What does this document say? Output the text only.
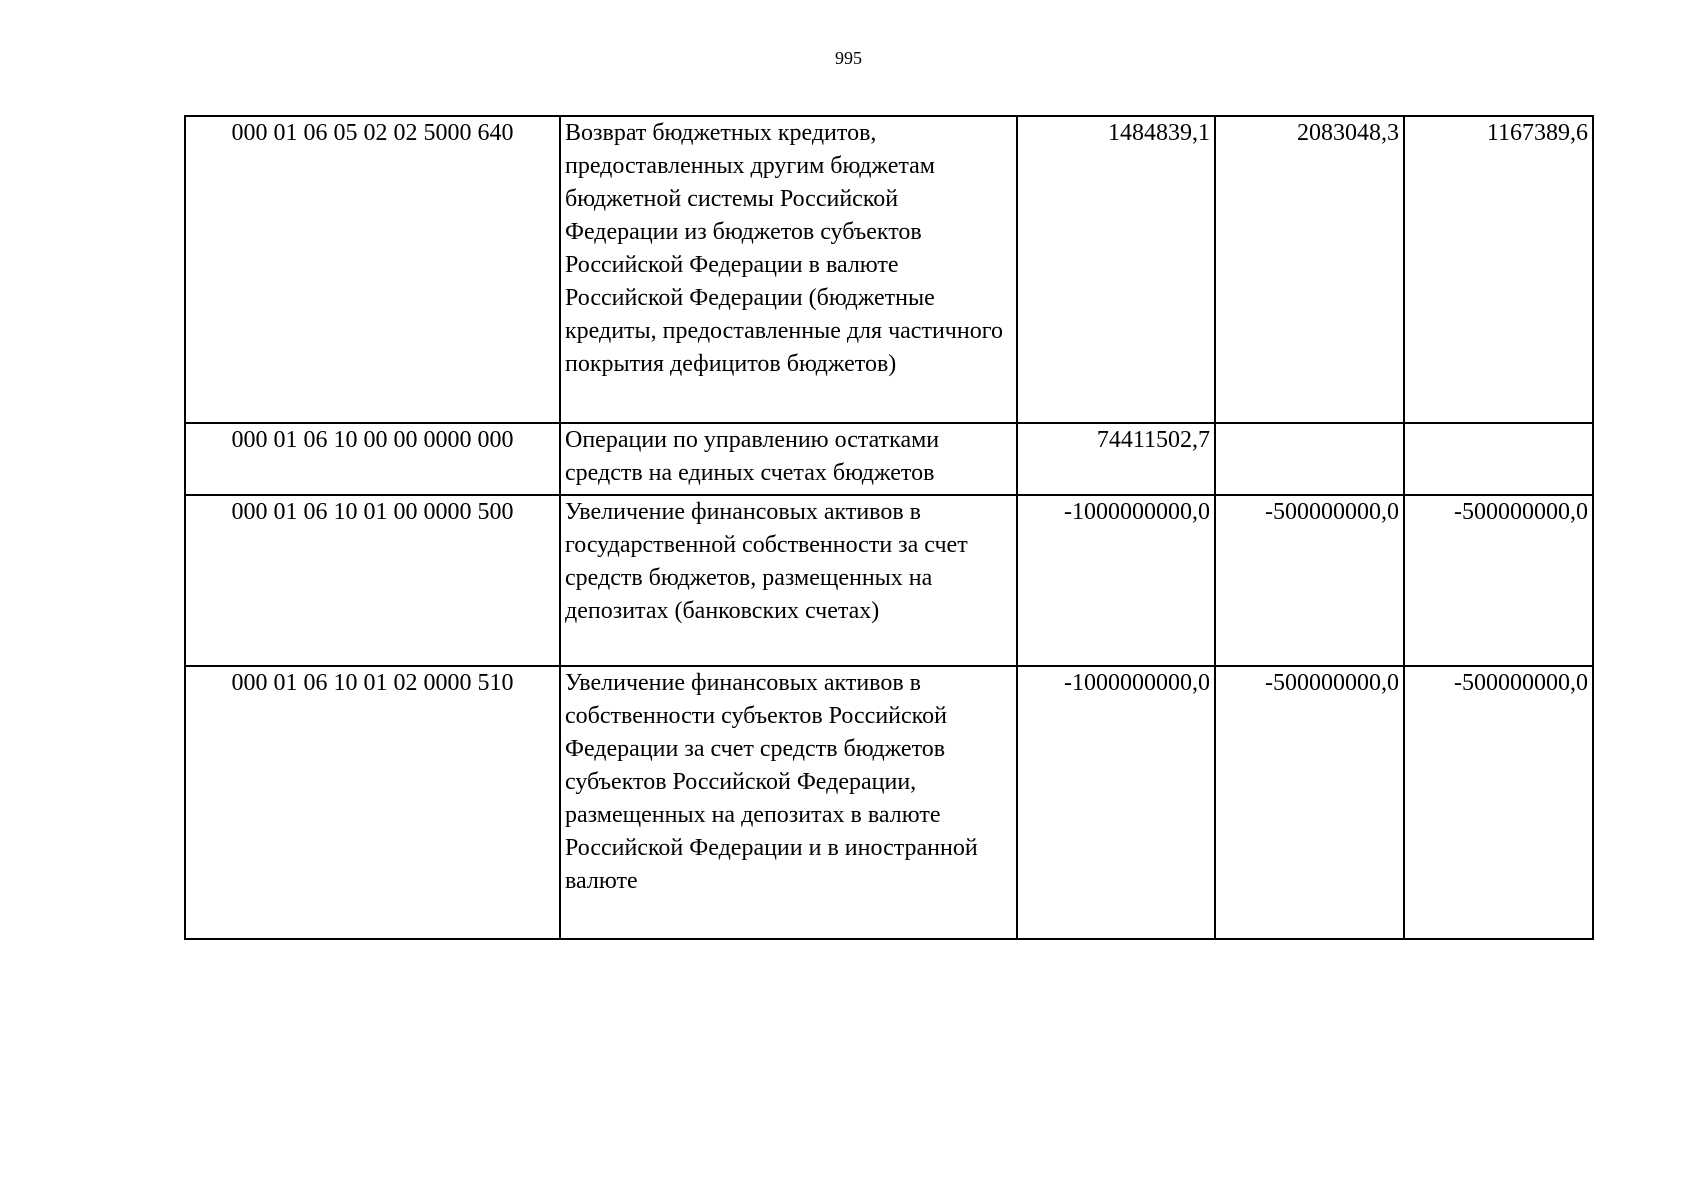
995
000 01 06 05 02 02 5000 640	Возврат бюджетных кредитов, предоставленных другим бюджетам бюджетной системы Российской Федерации из бюджетов субъектов Российской Федерации в валюте Российской Федерации (бюджетные кредиты, предоставленные для частичного покрытия дефицитов бюджетов)	1484839,1	2083048,3	1167389,6
000 01 06 10 00 00 0000 000	Операции по управлению остатками средств на единых счетах бюджетов	74411502,7		
000 01 06 10 01 00 0000 500	Увеличение финансовых активов в государственной собственности за счет средств бюджетов, размещенных на депозитах (банковских счетах)	-1000000000,0	-500000000,0	-500000000,0
000 01 06 10 01 02 0000 510	Увеличение финансовых активов в собственности субъектов Российской Федерации за счет средств бюджетов субъектов Российской Федерации, размещенных на депозитах в валюте Российской Федерации и в иностранной валюте	-1000000000,0	-500000000,0	-500000000,0
